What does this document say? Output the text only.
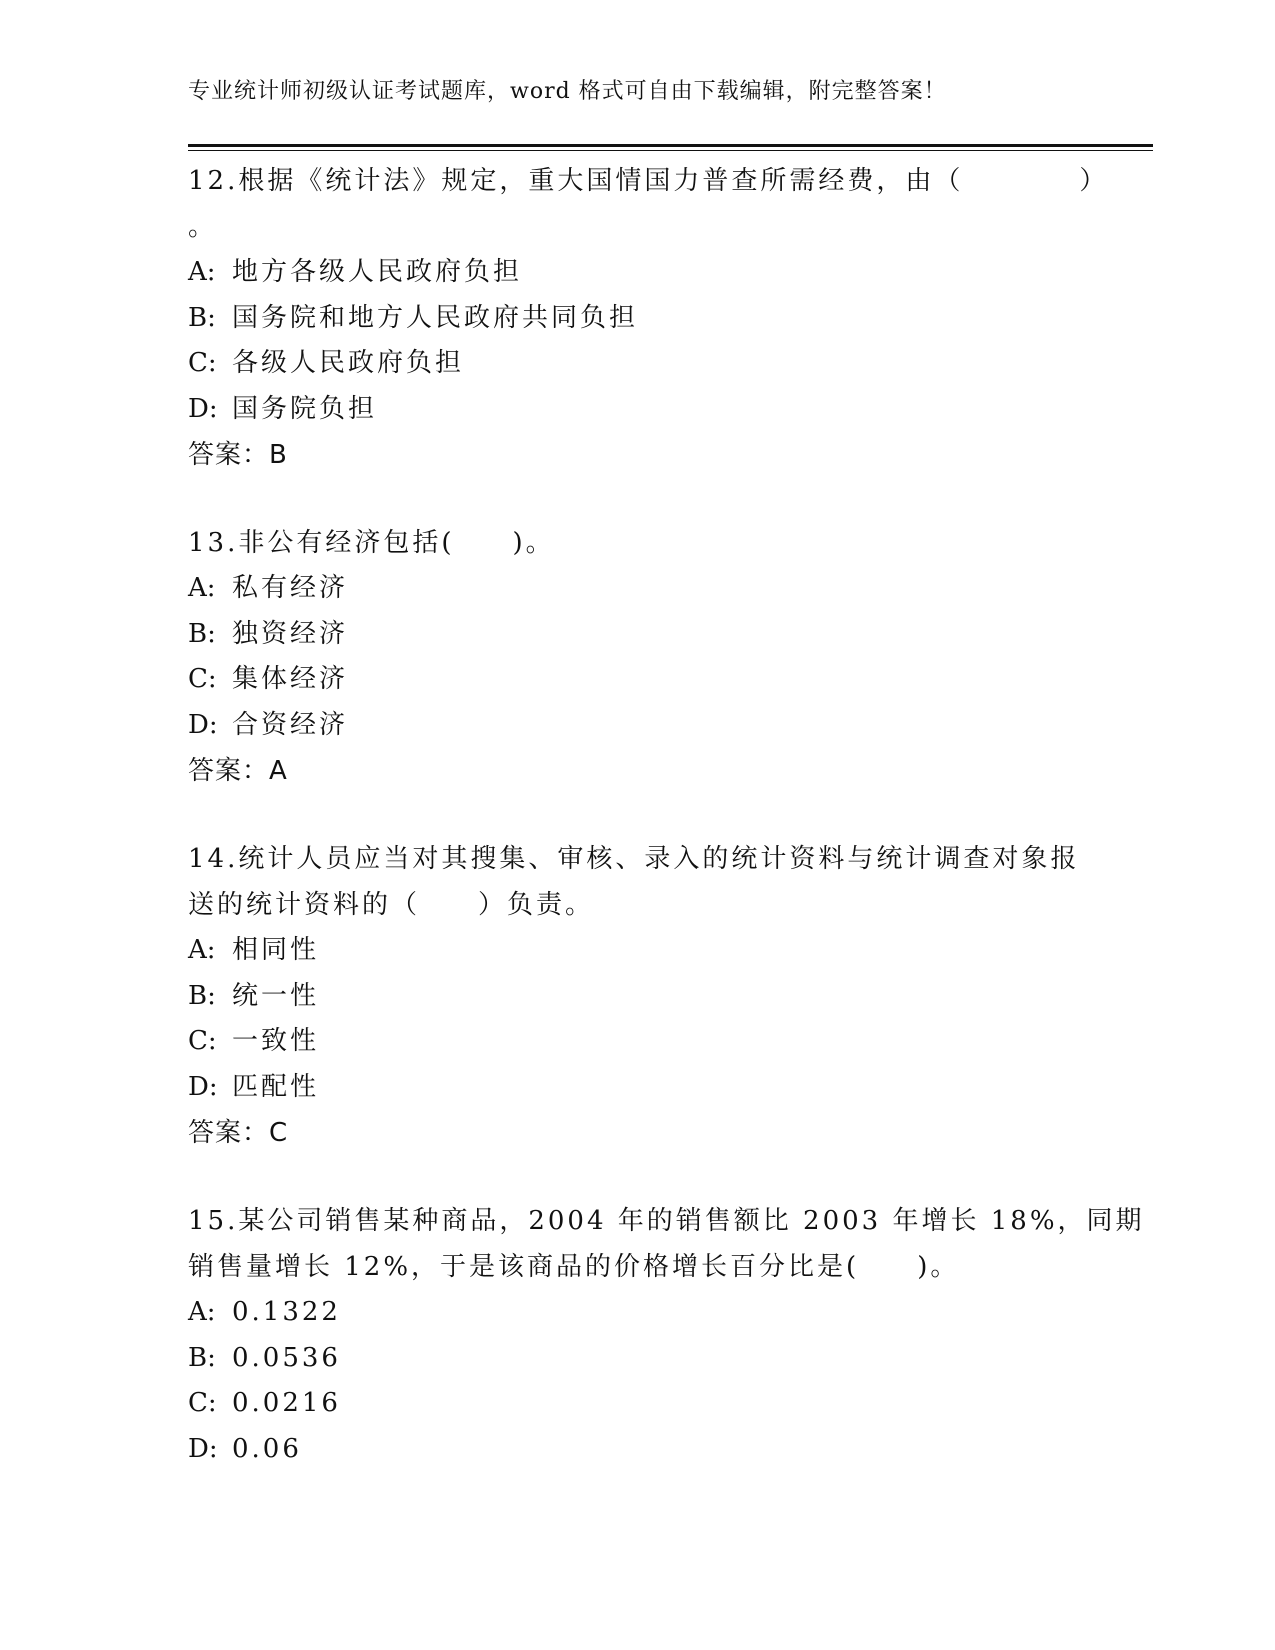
专业统计师初级认证考试题库，word 格式可自由下载编辑，附完整答案！

12.根据《统计法》规定，重大国情国力普查所需经费，由（　　　　）
。

A: 地方各级人民政府负担
B: 国务院和地方人民政府共同负担
C: 各级人民政府负担
D: 国务院负担
答案：B

13.非公有经济包括(　　)。

A: 私有经济
B: 独资经济
C: 集体经济
D: 合资经济
答案：A

14.统计人员应当对其搜集、审核、录入的统计资料与统计调查对象报
送的统计资料的（　　）负责。

A: 相同性
B: 统一性
C: 一致性
D: 匹配性
答案：C

15.某公司销售某种商品，2004 年的销售额比 2003 年增长 18%，同期
销售量增长 12%，于是该商品的价格增长百分比是(　　)。

A: 0.1322
B: 0.0536
C: 0.0216
D: 0.06
